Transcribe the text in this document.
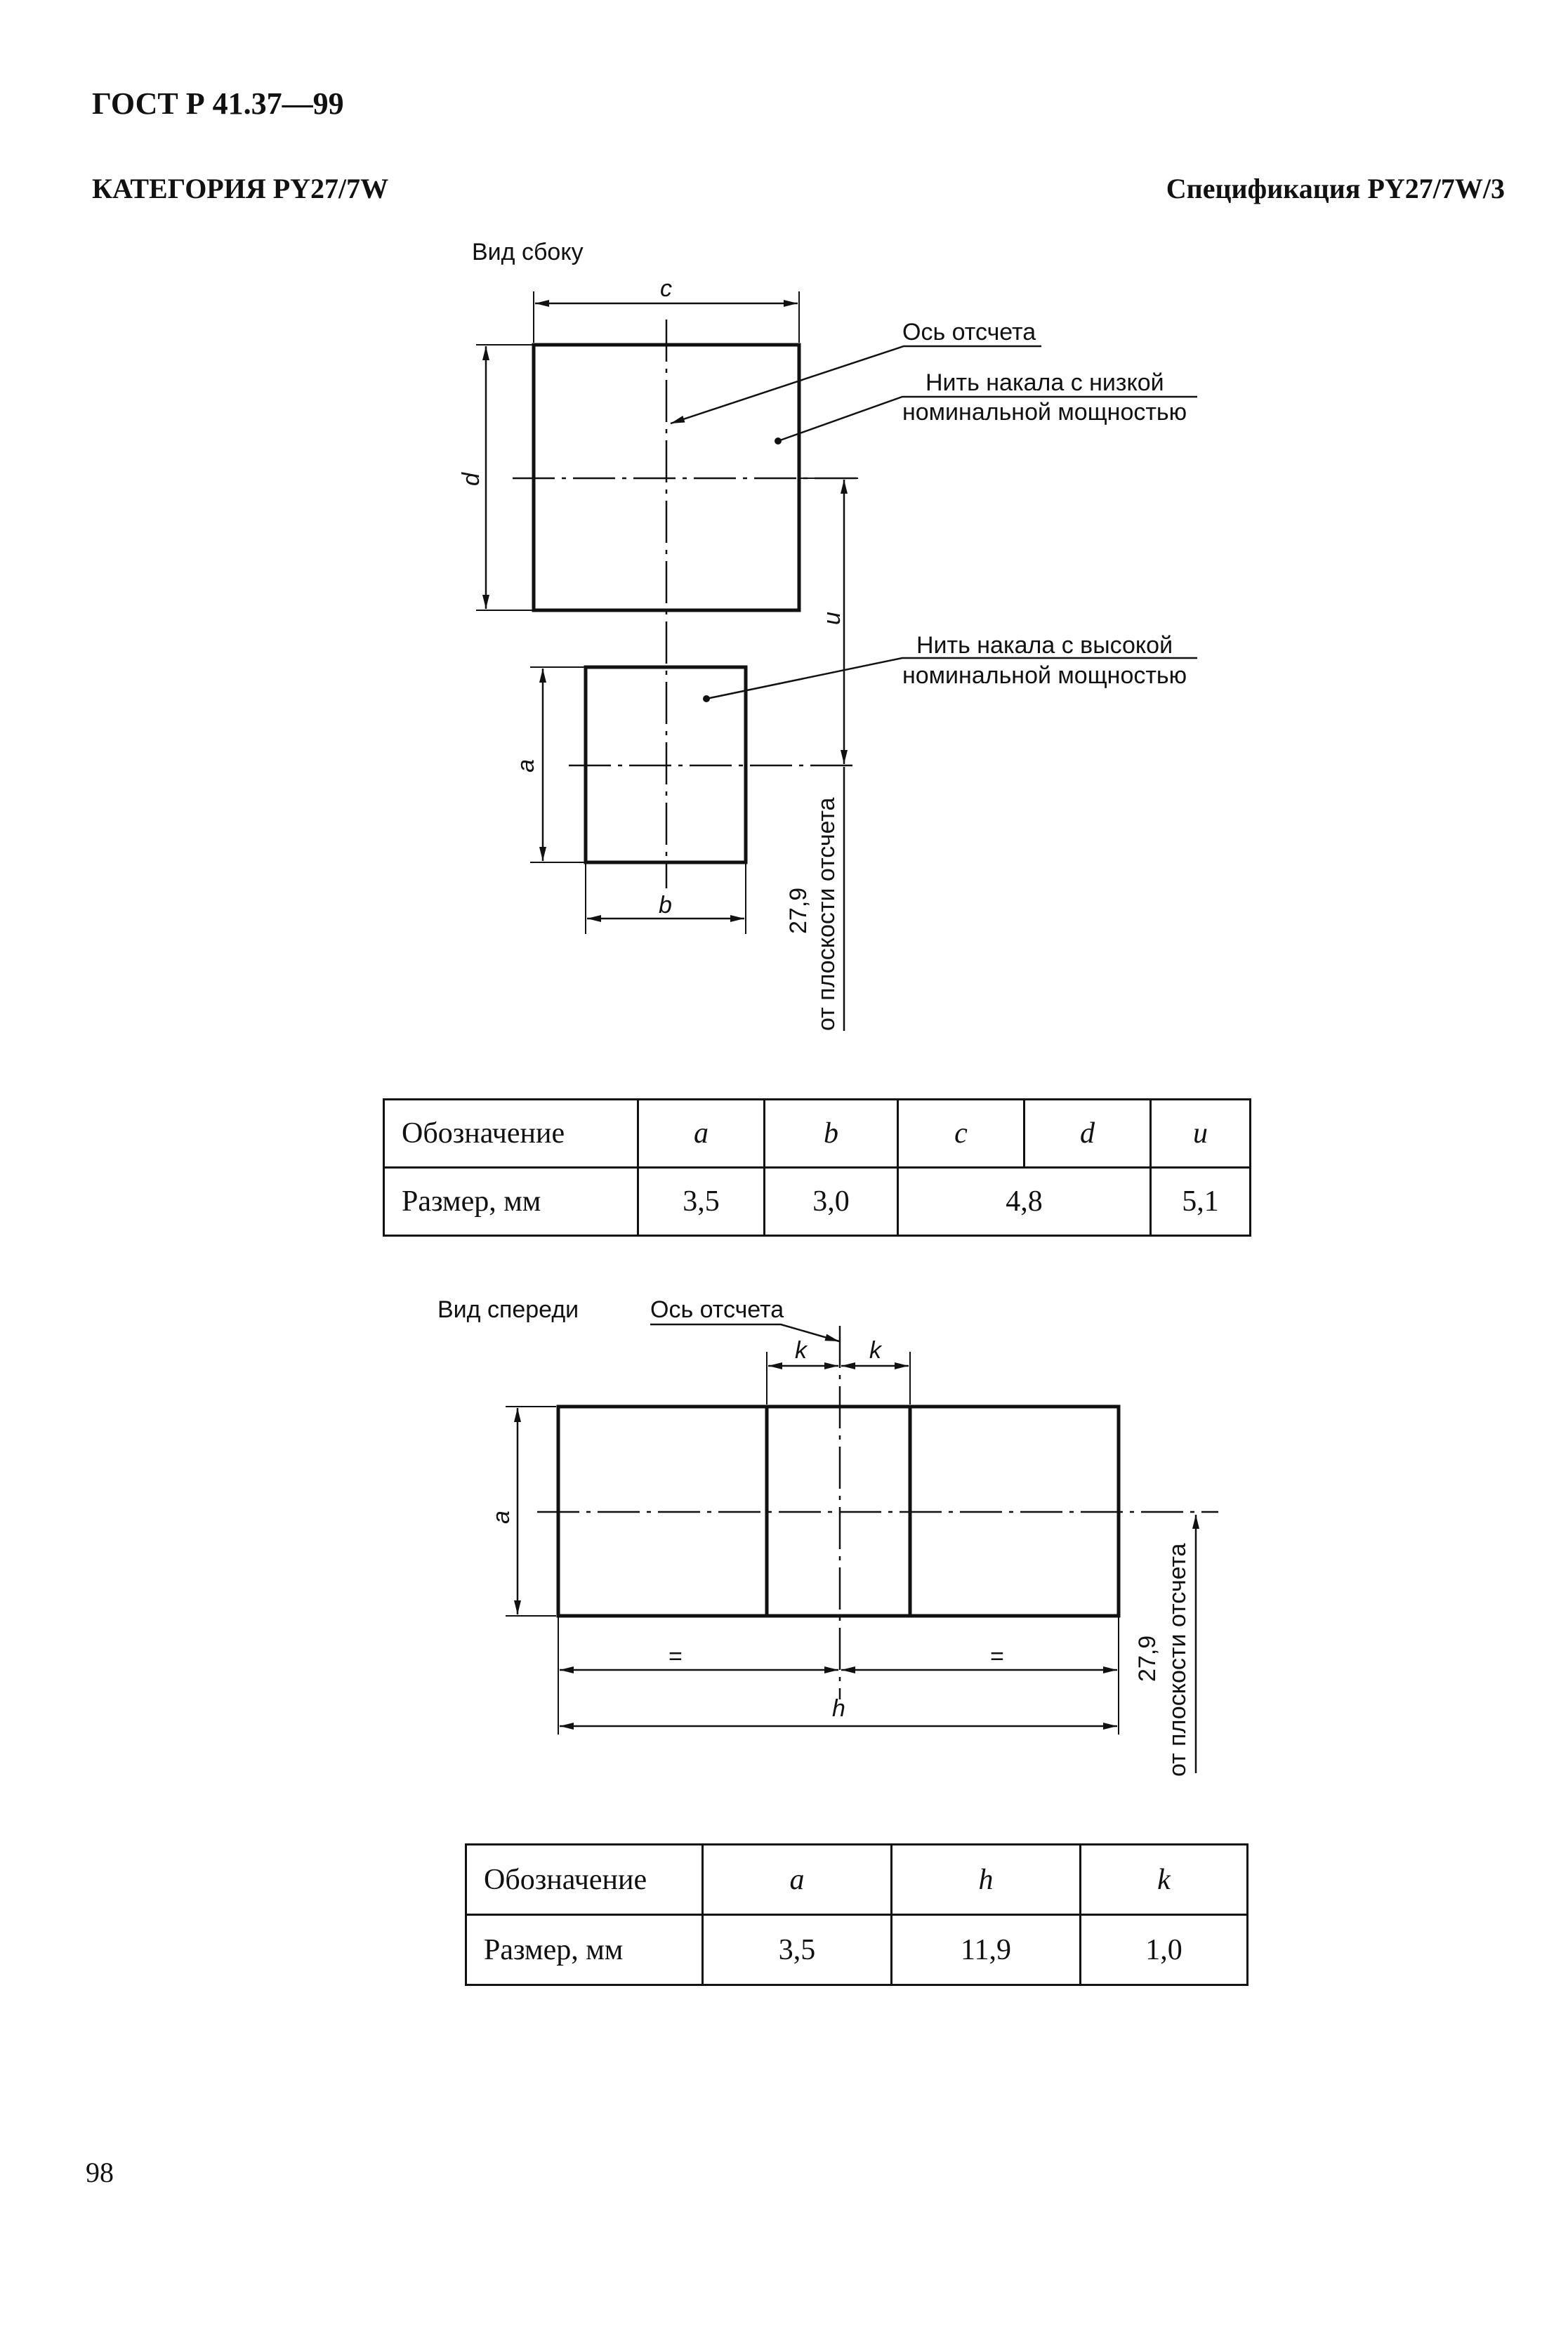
ГОСТ Р 41.37—99
КАТЕГОРИЯ PY27/7W	Спецификация PY27/7W/3
Вид сбоку
c
d
u
a
b	27,9 от плоскости отсчета
Ось отсчета
Нить накала с низкой
номинальной мощностью
Нить накала с высокой
номинальной мощностью
Обозначение	a	b	c	d	u
Размер, мм	3,5	3,0	4,8		5,1
Вид спереди	Ось отсчета
k	k
a
=	=
h
27,9 от плоскости отсчета
Обозначение	a	h	k
Размер, мм	3,5	11,9	1,0
98
